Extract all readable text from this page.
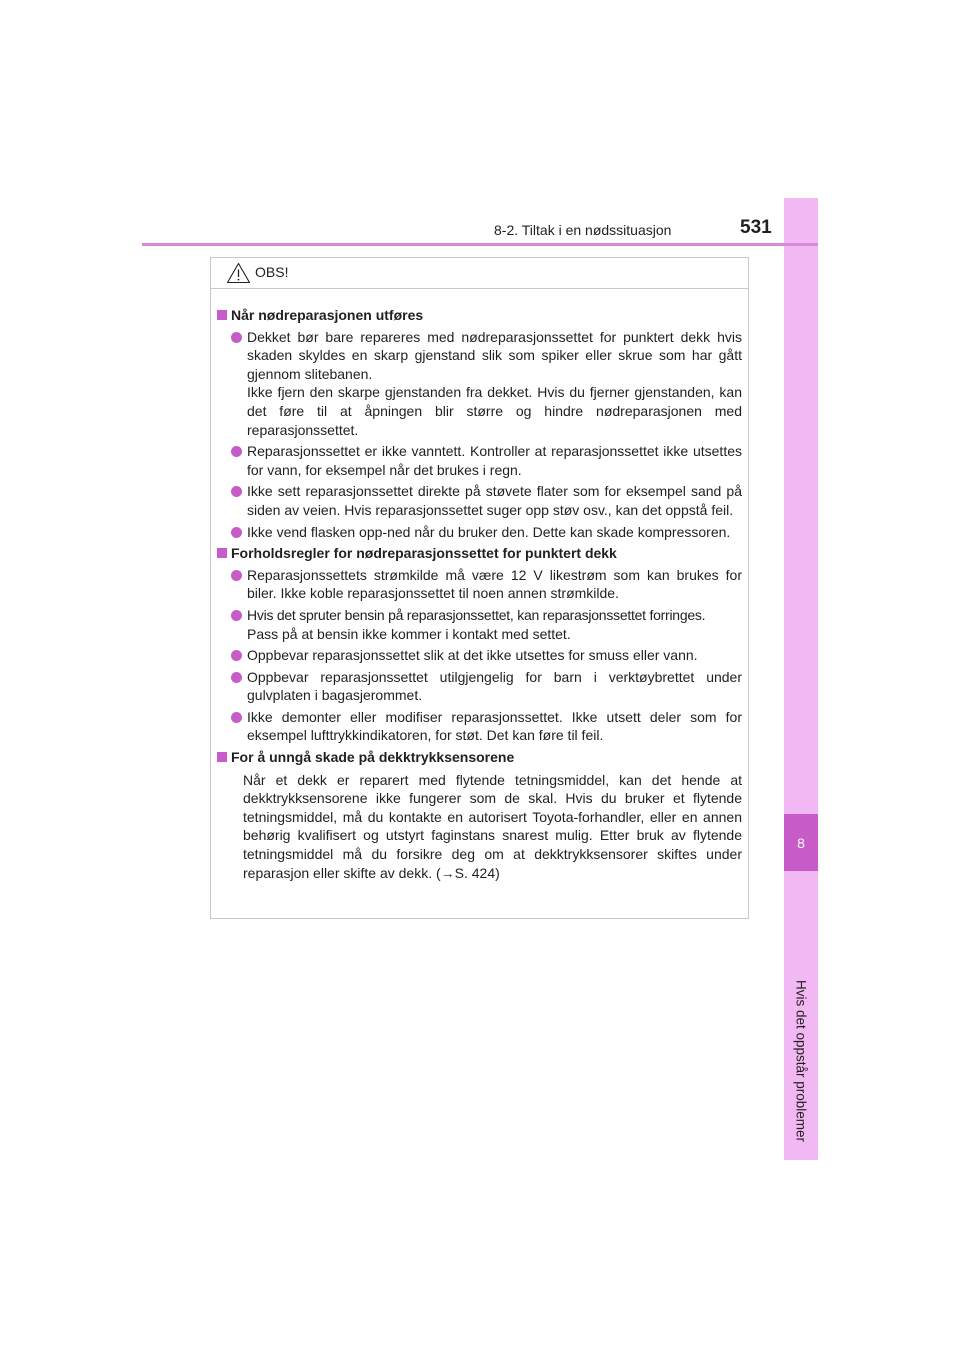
8
Hvis det oppstår problemer
8-2. Tiltak i en nødssituasjon	531
OBS!
Når nødreparasjonen utføres
Dekket bør bare repareres med nødreparasjonssettet for punktert dekk hvis skaden skyldes en skarp gjenstand slik som spiker eller skrue som har gått gjennom slitebanen.
Ikke fjern den skarpe gjenstanden fra dekket. Hvis du fjerner gjenstanden, kan det føre til at åpningen blir større og hindre nødreparasjonen med reparasjonssettet.
Reparasjonssettet er ikke vanntett. Kontroller at reparasjonssettet ikke utsettes for vann, for eksempel når det brukes i regn.
Ikke sett reparasjonssettet direkte på støvete flater som for eksempel sand på siden av veien. Hvis reparasjonssettet suger opp støv osv., kan det oppstå feil.
Ikke vend flasken opp-ned når du bruker den. Dette kan skade kompressoren.
Forholdsregler for nødreparasjonssettet for punktert dekk
Reparasjonssettets strømkilde må være 12 V likestrøm som kan brukes for biler. Ikke koble reparasjonssettet til noen annen strømkilde.
Hvis det spruter bensin på reparasjonssettet, kan reparasjonssettet forringes.
Pass på at bensin ikke kommer i kontakt med settet.
Oppbevar reparasjonssettet slik at det ikke utsettes for smuss eller vann.
Oppbevar reparasjonssettet utilgjengelig for barn i verktøybrettet under gulvplaten i bagasjerommet.
Ikke demonter eller modifiser reparasjonssettet. Ikke utsett deler som for eksempel lufttrykkindikatoren, for støt. Det kan føre til feil.
For å unngå skade på dekktrykksensorene
Når et dekk er reparert med flytende tetningsmiddel, kan det hende at dekktrykksensorene ikke fungerer som de skal. Hvis du bruker et flytende tetningsmiddel, må du kontakte en autorisert Toyota-forhandler, eller en annen behørig kvalifisert og utstyrt faginstans snarest mulig. Etter bruk av flytende tetningsmiddel må du forsikre deg om at dekktrykksensorer skiftes under reparasjon eller skifte av dekk. (→S. 424)
